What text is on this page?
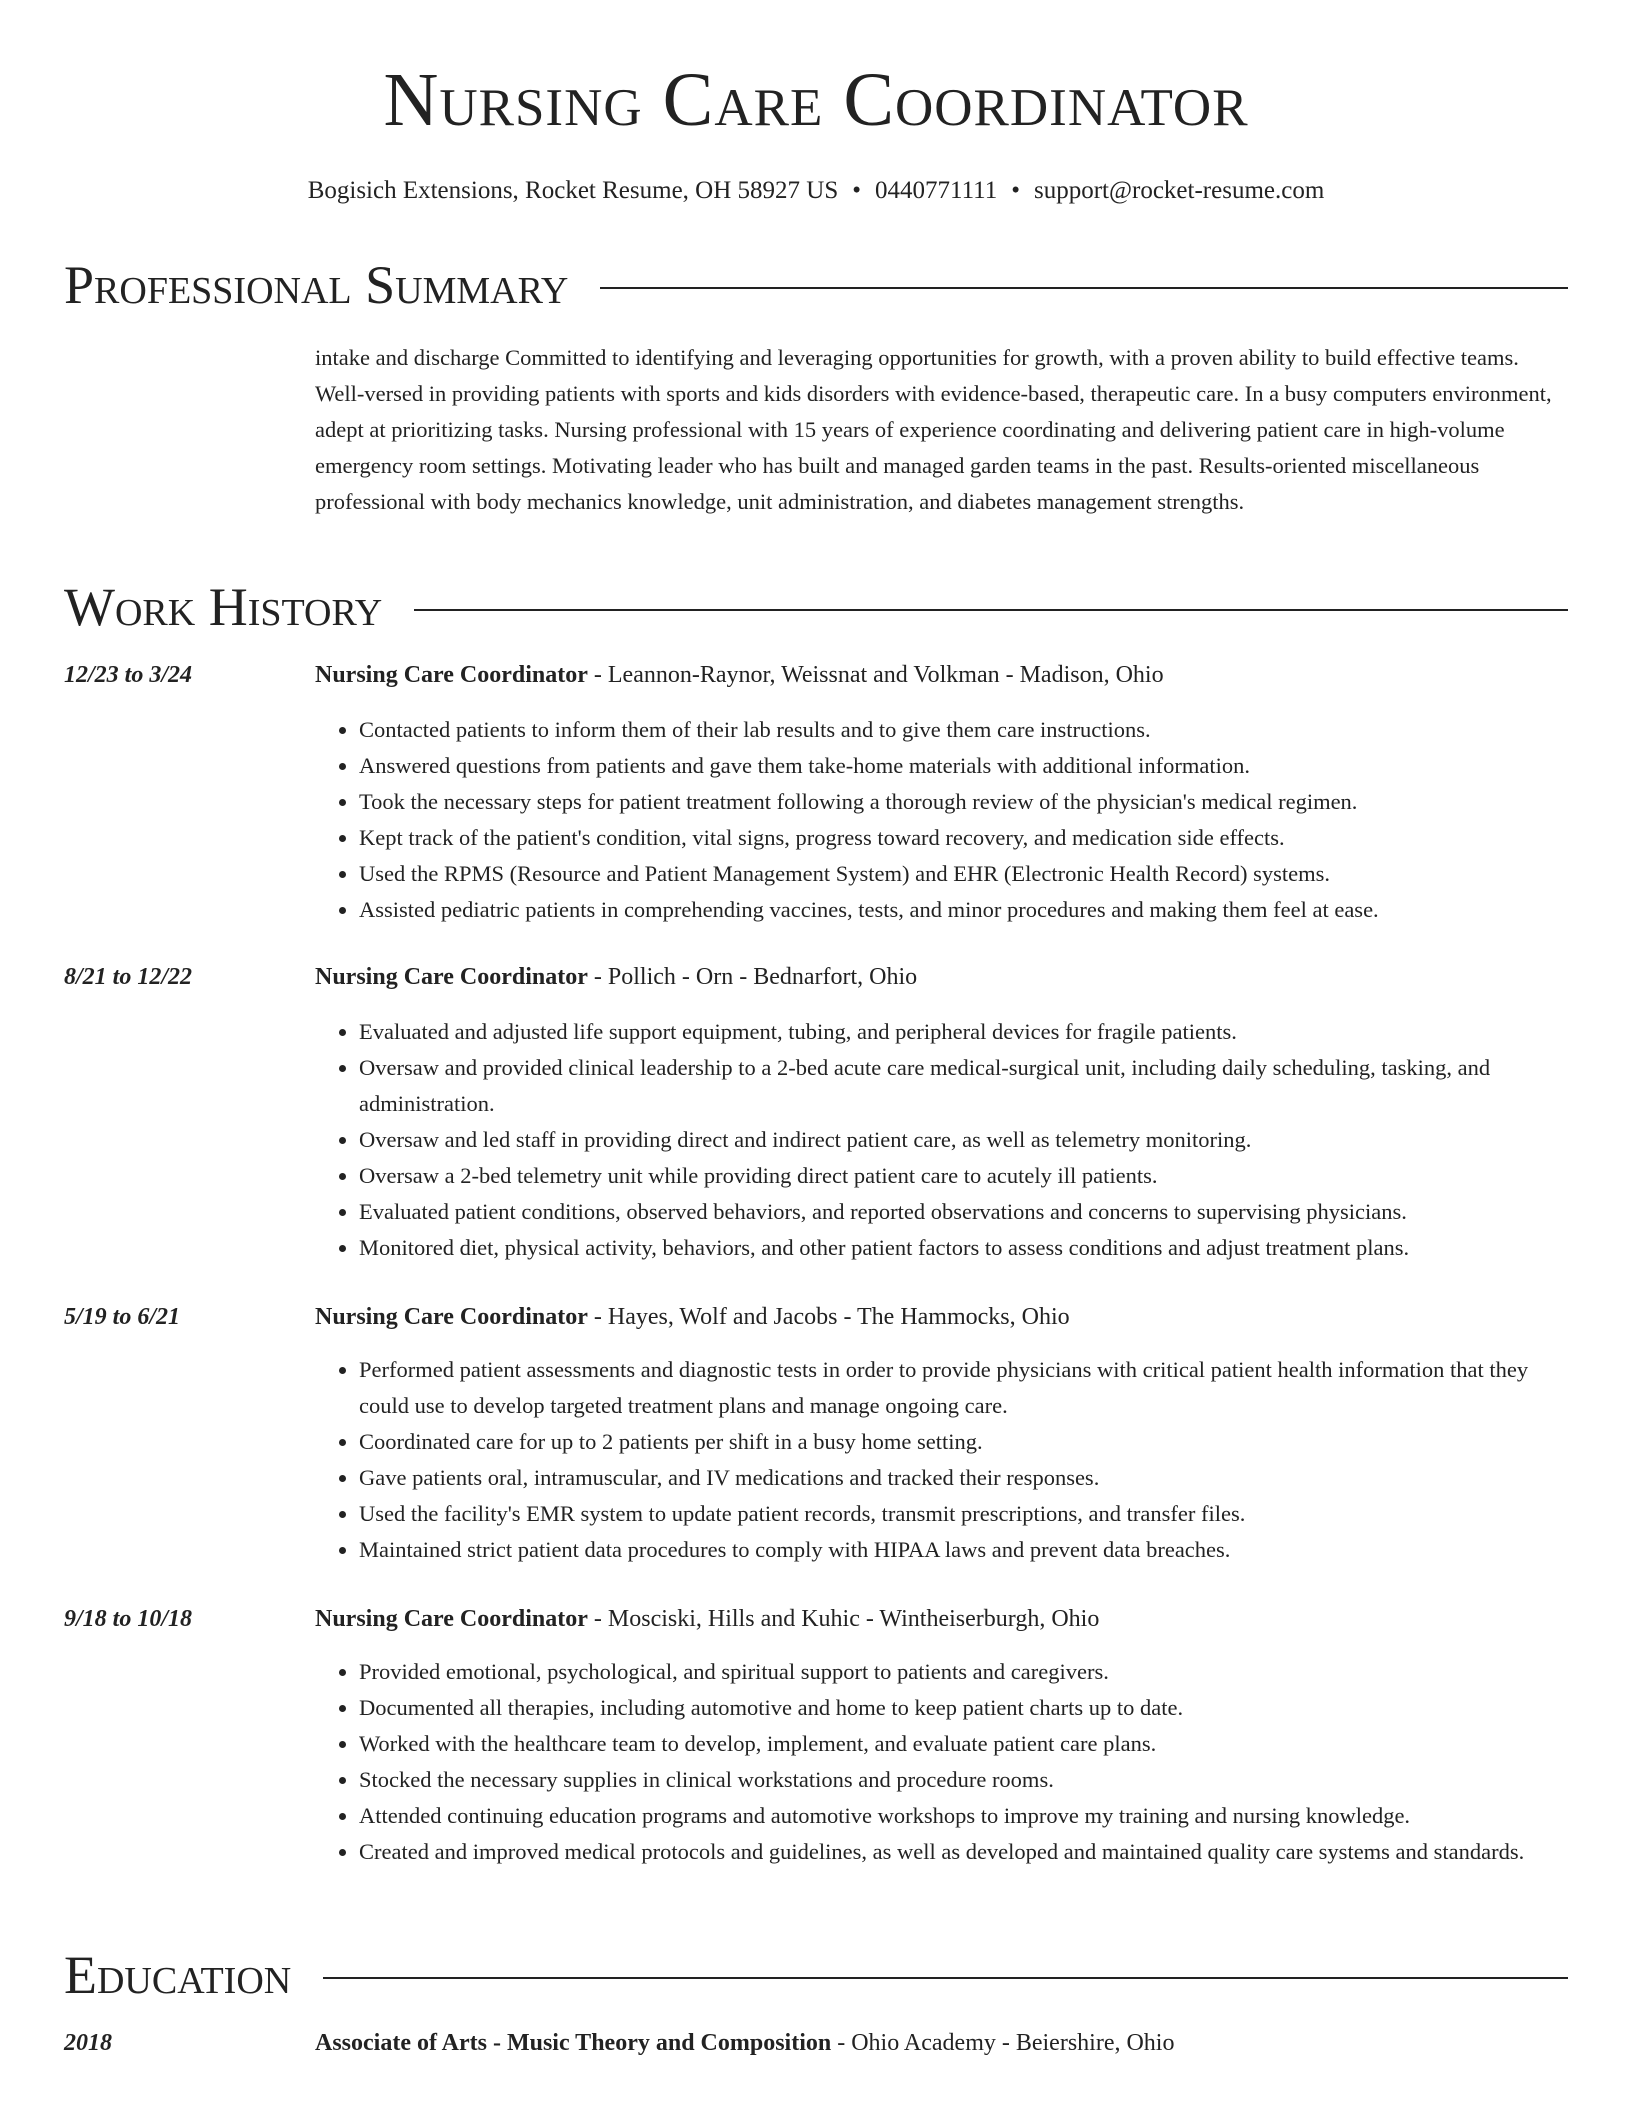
Nursing Care Coordinator
Bogisich Extensions, Rocket Resume, OH 58927 US • 0440771111 • support@rocket-resume.com
Professional Summary

intake and discharge Committed to identifying and leveraging opportunities for growth, with a proven ability to build effective teams. Well-versed in providing patients with sports and kids disorders with evidence-based, therapeutic care. In a busy computers environment, adept at prioritizing tasks. Nursing professional with 15 years of experience coordinating and delivering patient care in high-volume emergency room settings. Motivating leader who has built and managed garden teams in the past. Results-oriented miscellaneous professional with body mechanics knowledge, unit administration, and diabetes management strengths.

Work History
12/23 to 3/24	Nursing Care Coordinator - Leannon-Raynor, Weissnat and Volkman - Madison, Ohio
• Contacted patients to inform them of their lab results and to give them care instructions.
• Answered questions from patients and gave them take-home materials with additional information.
• Took the necessary steps for patient treatment following a thorough review of the physician's medical regimen.
• Kept track of the patient's condition, vital signs, progress toward recovery, and medication side effects.
• Used the RPMS (Resource and Patient Management System) and EHR (Electronic Health Record) systems.
• Assisted pediatric patients in comprehending vaccines, tests, and minor procedures and making them feel at ease.
8/21 to 12/22	Nursing Care Coordinator - Pollich - Orn - Bednarfort, Ohio
• Evaluated and adjusted life support equipment, tubing, and peripheral devices for fragile patients.
• Oversaw and provided clinical leadership to a 2-bed acute care medical-surgical unit, including daily scheduling, tasking, and administration.
• Oversaw and led staff in providing direct and indirect patient care, as well as telemetry monitoring.
• Oversaw a 2-bed telemetry unit while providing direct patient care to acutely ill patients.
• Evaluated patient conditions, observed behaviors, and reported observations and concerns to supervising physicians.
• Monitored diet, physical activity, behaviors, and other patient factors to assess conditions and adjust treatment plans.
5/19 to 6/21	Nursing Care Coordinator - Hayes, Wolf and Jacobs - The Hammocks, Ohio
• Performed patient assessments and diagnostic tests in order to provide physicians with critical patient health information that they could use to develop targeted treatment plans and manage ongoing care.
• Coordinated care for up to 2 patients per shift in a busy home setting.
• Gave patients oral, intramuscular, and IV medications and tracked their responses.
• Used the facility's EMR system to update patient records, transmit prescriptions, and transfer files.
• Maintained strict patient data procedures to comply with HIPAA laws and prevent data breaches.
9/18 to 10/18	Nursing Care Coordinator - Mosciski, Hills and Kuhic - Wintheiserburgh, Ohio
• Provided emotional, psychological, and spiritual support to patients and caregivers.
• Documented all therapies, including automotive and home to keep patient charts up to date.
• Worked with the healthcare team to develop, implement, and evaluate patient care plans.
• Stocked the necessary supplies in clinical workstations and procedure rooms.
• Attended continuing education programs and automotive workshops to improve my training and nursing knowledge.
• Created and improved medical protocols and guidelines, as well as developed and maintained quality care systems and standards.
Education
2018	Associate of Arts - Music Theory and Composition - Ohio Academy - Beiershire, Ohio
